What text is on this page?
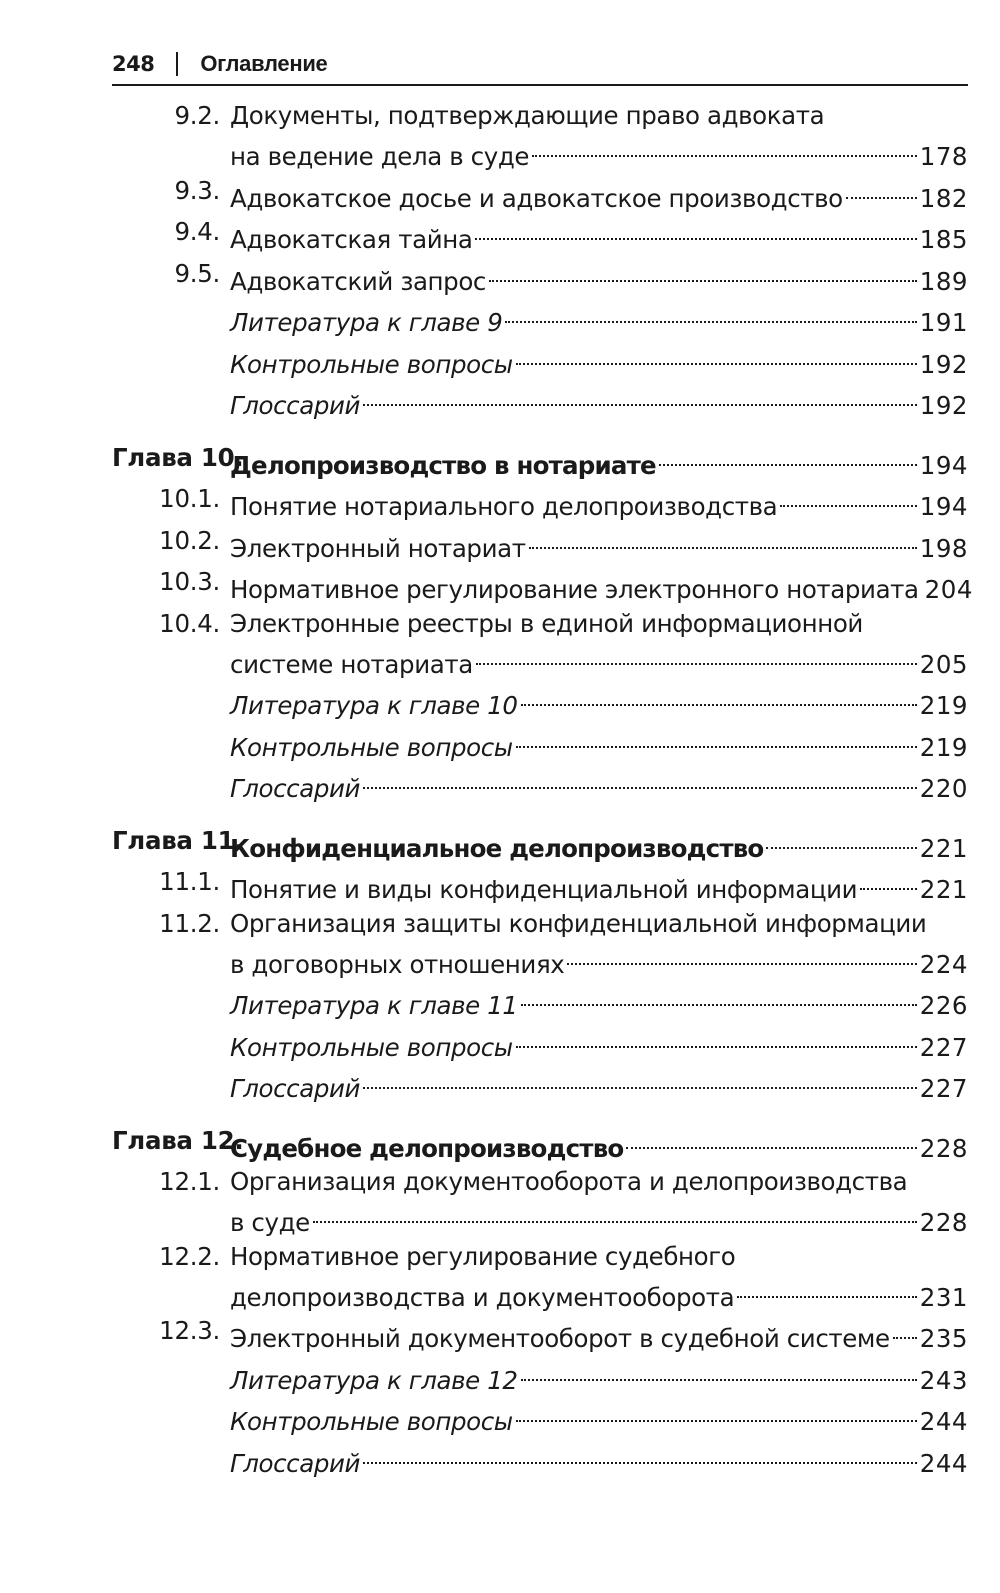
248 Оглавление
9.2. Документы, подтверждающие право адвоката
на ведение дела в суде	178
9.3. Адвокатское досье и адвокатское производство	182
9.4. Адвокатская тайна	185
9.5. Адвокатский запрос	189
Литература к главе 9	191
Контрольные вопросы	192
Глоссарий	192
Глава 10.
Делопроизводство в нотариате	194
10.1. Понятие нотариального делопроизводства	194
10.2. Электронный нотариат	198
10.3. Нормативное регулирование электронного нотариата 204
10.4. Электронные реестры в единой информационной
системе нотариата	205
Литература к главе 10	219
Контрольные вопросы	219
Глоссарий	220
Глава 11.
Конфиденциальное делопроизводство	221
11.1. Понятие и виды конфиденциальной информации	221
11.2. Организация защиты конфиденциальной информации
в договорных отношениях	224
Литература к главе 11	226
Контрольные вопросы	227
Глоссарий	227
Глава 12.
Судебное делопроизводство	228
12.1. Организация документооборота и делопроизводства
в суде	228
12.2. Нормативное регулирование судебного
делопроизводства и документооборота	231
12.3. Электронный документооборот в судебной системе 235
Литература к главе 12	243
Контрольные вопросы	244
Глоссарий	244
